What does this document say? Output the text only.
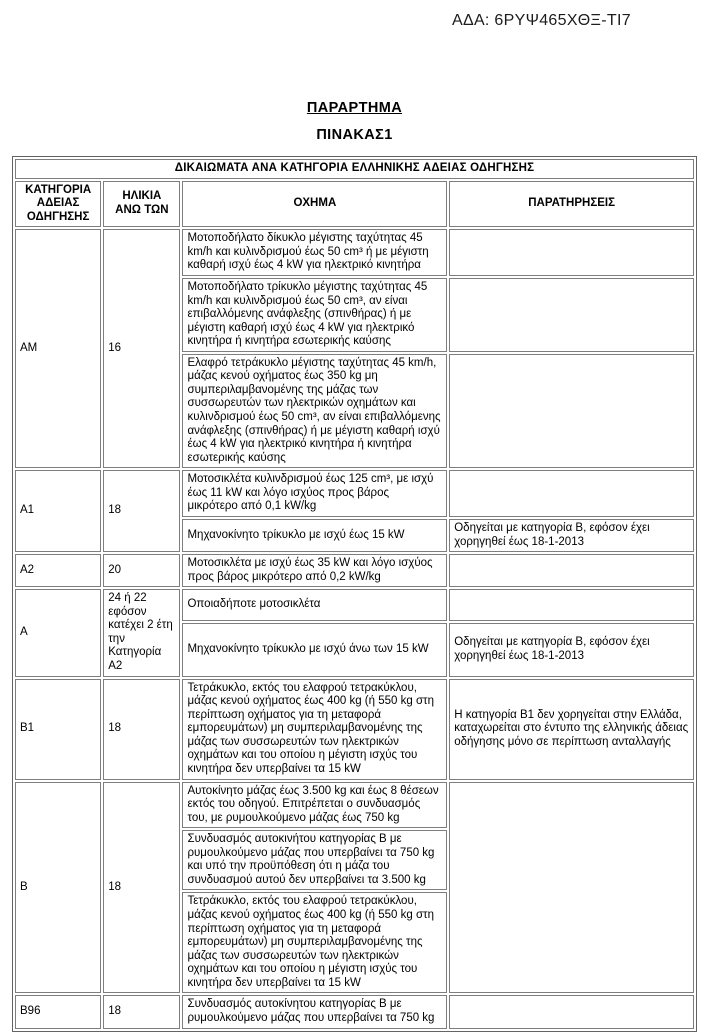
ΑΔΑ: 6ΡΥΨ465ΧΘΞ-ΤΙ7
ΠΑΡΑΡΤΗΜΑ
ΠΙΝΑΚΑΣ1
ΔΙΚΑΙΩΜΑΤΑ ΑΝΑ ΚΑΤΗΓΟΡΙΑ ΕΛΛΗΝΙΚΗΣ ΑΔΕΙΑΣ ΟΔΗΓΗΣΗΣ			
ΚΑΤΗΓΟΡΙΑ ΑΔΕΙΑΣ ΟΔΗΓΗΣΗΣ	ΗΛΙΚΙΑ ΑΝΩ ΤΩΝ	ΟΧΗΜΑ	ΠΑΡΑΤΗΡΗΣΕΙΣ
AM	16	Μοτοποδήλατο δίκυκλο μέγιστης ταχύτητας 45 km/h και κυλινδρισμού έως 50 cm³ ή με μέγιστη καθαρή ισχύ έως 4 kW για ηλεκτρικό κινητήρα	
		Μοτοποδήλατο τρίκυκλο μέγιστης ταχύτητας 45 km/h και κυλινδρισμού έως 50 cm³, αν είναι επιβαλλόμενης ανάφλεξης (σπινθήρας) ή με μέγιστη καθαρή ισχύ έως 4 kW για ηλεκτρικό κινητήρα ή κινητήρα εσωτερικής καύσης	
		Ελαφρό τετράκυκλο μέγιστης ταχύτητας 45 km/h, μάζας κενού οχήματος έως 350 kg μη συμπεριλαμβανομένης της μάζας των συσσωρευτών των ηλεκτρικών οχημάτων και κυλινδρισμού έως 50 cm³, αν είναι επιβαλλόμενης ανάφλεξης (σπινθήρας) ή με μέγιστη καθαρή ισχύ έως 4 kW για ηλεκτρικό κινητήρα ή κινητήρα εσωτερικής καύσης	
A1	18	Μοτοσικλέτα κυλινδρισμού έως 125 cm³, με ισχύ έως 11 kW και λόγο ισχύος προς βάρος μικρότερο από 0,1 kW/kg	
		Μηχανοκίνητο τρίκυκλο με ισχύ έως 15 kW	Οδηγείται με κατηγορία Β, εφόσον έχει χορηγηθεί έως 18-1-2013
A2	20	Μοτοσικλέτα με ισχύ έως 35 kW και λόγο ισχύος προς βάρος μικρότερο από 0,2 kW/kg	
A	24 ή 22 εφόσον κατέχει 2 έτη την Κατηγορία Α2	Οποιαδήποτε μοτοσικλέτα	
		Μηχανοκίνητο τρίκυκλο με ισχύ άνω των 15 kW	Οδηγείται με κατηγορία Β, εφόσον έχει χορηγηθεί έως 18-1-2013
B1	18	Τετράκυκλο, εκτός του ελαφρού τετρακύκλου, μάζας κενού οχήματος έως 400 kg (ή 550 kg στη περίπτωση οχήματος για τη μεταφορά εμπορευμάτων) μη συμπεριλαμβανομένης της μάζας των συσσωρευτών των ηλεκτρικών οχημάτων και του οποίου η μέγιστη ισχύς του κινητήρα δεν υπερβαίνει τα 15 kW	Η κατηγορία Β1 δεν χορηγείται στην Ελλάδα, καταχωρείται στο έντυπο της ελληνικής άδειας οδήγησης μόνο σε περίπτωση ανταλλαγής
B	18	Αυτοκίνητο μάζας έως 3.500 kg και έως 8 θέσεων εκτός του οδηγού. Επιτρέπεται ο συνδυασμός του, με ρυμουλκούμενο μάζας έως 750 kg	
		Συνδυασμός αυτοκινήτου κατηγορίας Β με ρυμουλκούμενο μάζας που υπερβαίνει τα 750 kg και υπό την προϋπόθεση ότι η μάζα του συνδυασμού αυτού δεν υπερβαίνει τα 3.500 kg	
		Τετράκυκλο, εκτός του ελαφρού τετρακύκλου, μάζας κενού οχήματος έως 400 kg (ή 550 kg στη περίπτωση οχήματος για τη μεταφορά εμπορευμάτων) μη συμπεριλαμβανομένης της μάζας των συσσωρευτών των ηλεκτρικών οχημάτων και του οποίου η μέγιστη ισχύς του κινητήρα δεν υπερβαίνει τα 15 kW	
B96	18	Συνδυασμός αυτοκίνητου κατηγορίας Β με ρυμουλκούμενο μάζας που υπερβαίνει τα 750 kg	
